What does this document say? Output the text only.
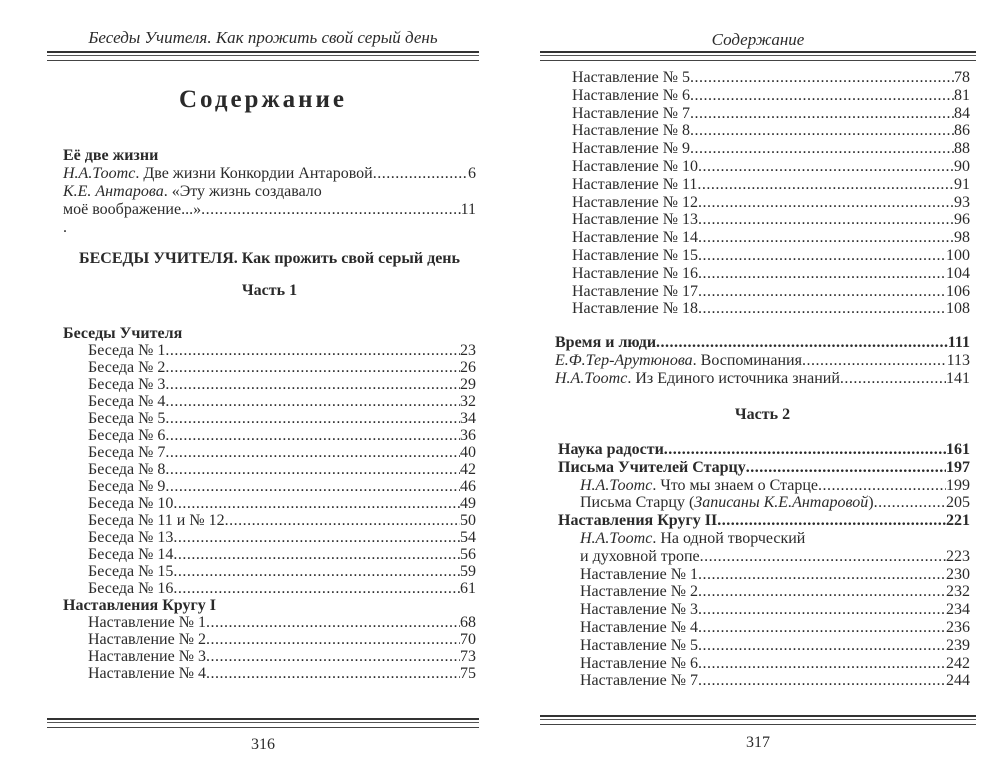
Беседы Учителя. Как прожить свой серый день
Содержание
Её две жизни
Н.А.Тоотс. Две жизни Конкордии Антаровой .....	6
К.Е. Антарова. «Эту жизнь создавало
моё воображение...» .....	11
.
БЕСЕДЫ УЧИТЕЛЯ. Как прожить свой серый день
Часть 1
Беседы Учителя
Беседа № 1 .....	23
Беседа № 2 .....	26
Беседа № 3 .....	29
Беседа № 4 .....	32
Беседа № 5 .....	34
Беседа № 6 .....	36
Беседа № 7 .....	40
Беседа № 8 .....	42
Беседа № 9 .....	46
Беседа № 10 .....	49
Беседа № 11 и № 12 .....	50
Беседа № 13 .....	54
Беседа № 14 .....	56
Беседа № 15 .....	59
Беседа № 16 .....	61
Наставления Кругу I
Наставление № 1 .....	68
Наставление № 2 .....	70
Наставление № 3 .....	73
Наставление № 4 .....	75
316
Содержание
Наставление № 5 .....	78
Наставление № 6 .....	81
Наставление № 7 .....	84
Наставление № 8 .....	86
Наставление № 9 .....	88
Наставление № 10 .....	90
Наставление № 11 .....	91
Наставление № 12 .....	93
Наставление № 13 .....	96
Наставление № 14 .....	98
Наставление № 15 .....	100
Наставление № 16 .....	104
Наставление № 17 .....	106
Наставление № 18 .....	108
Время и люди .....	111
Е.Ф.Тер-Арутюнова. Воспоминания .....	113
Н.А.Тоотс. Из Единого источника знаний .....	141
Часть 2
Наука радости .....	161
Письма Учителей Старцу .....	197
Н.А.Тоотс. Что мы знаем о Старце .....	199
Письма Старцу (Записаны К.Е.Антаровой) .....	205
Наставления Кругу II .....	221
Н.А.Тоотс. На одной творческий
и духовной тропе .....	223
Наставление № 1 .....	230
Наставление № 2 .....	232
Наставление № 3 .....	234
Наставление № 4 .....	236
Наставление № 5 .....	239
Наставление № 6 .....	242
Наставление № 7 .....	244
317
